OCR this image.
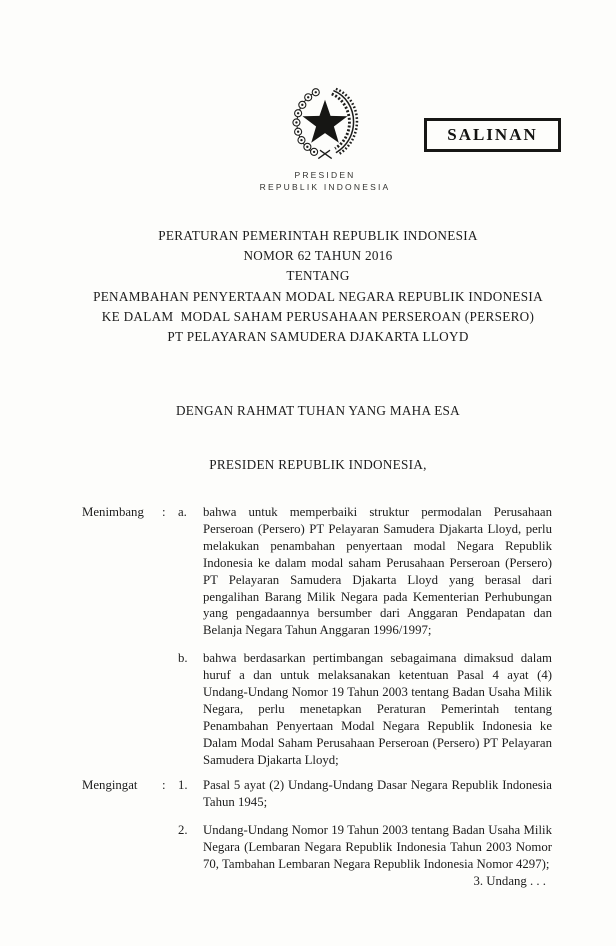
SALINAN
PRESIDEN
REPUBLIK INDONESIA
PERATURAN PEMERINTAH REPUBLIK INDONESIA
NOMOR 62 TAHUN 2016
TENTANG
PENAMBAHAN PENYERTAAN MODAL NEGARA REPUBLIK INDONESIA
KE DALAM  MODAL SAHAM PERUSAHAAN PERSEROAN (PERSERO)
PT PELAYARAN SAMUDERA DJAKARTA LLOYD
DENGAN RAHMAT TUHAN YANG MAHA ESA
PRESIDEN REPUBLIK INDONESIA,
Menimbang	: a.	bahwa untuk memperbaiki struktur permodalan Perusahaan Perseroan (Persero) PT Pelayaran Samudera Djakarta Lloyd, perlu melakukan penambahan penyertaan modal Negara Republik Indonesia ke dalam modal saham Perusahaan Perseroan (Persero) PT Pelayaran Samudera Djakarta Lloyd yang berasal dari pengalihan Barang Milik Negara pada Kementerian Perhubungan yang pengadaannya bersumber dari Anggaran Pendapatan dan Belanja Negara Tahun Anggaran 1996/1997;
b.	bahwa berdasarkan pertimbangan sebagaimana dimaksud dalam huruf a dan untuk melaksanakan ketentuan Pasal 4 ayat (4) Undang-Undang Nomor 19 Tahun 2003 tentang Badan Usaha Milik Negara, perlu menetapkan Peraturan Pemerintah tentang Penambahan Penyertaan Modal Negara Republik Indonesia ke Dalam Modal Saham Perusahaan Perseroan (Persero) PT Pelayaran Samudera Djakarta Lloyd;
Mengingat	: 1.	Pasal 5 ayat (2) Undang-Undang Dasar Negara Republik Indonesia Tahun 1945;
2.	Undang-Undang Nomor 19 Tahun 2003 tentang Badan Usaha Milik Negara (Lembaran Negara Republik Indonesia Tahun 2003 Nomor 70, Tambahan Lembaran Negara Republik Indonesia Nomor 4297);
3. Undang . . .
